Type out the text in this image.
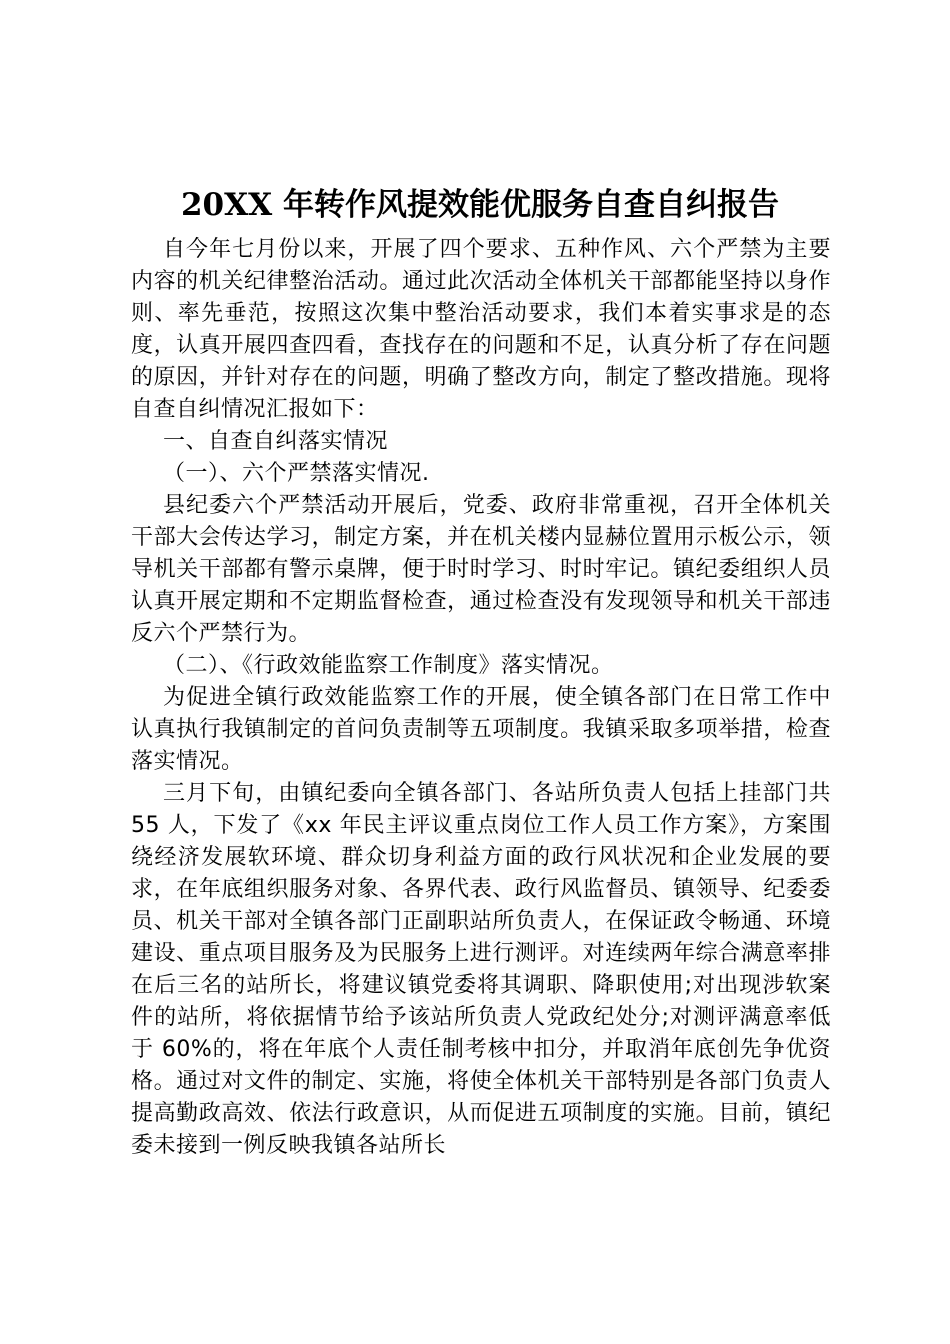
20XX 年转作风提效能优服务自查自纠报告

自今年七月份以来，开展了四个要求、五种作风、六个严禁为主要内容的机关纪律整治活动。通过此次活动全体机关干部都能坚持以身作则、率先垂范，按照这次集中整治活动要求，我们本着实事求是的态度，认真开展四查四看，查找存在的问题和不足，认真分析了存在问题的原因，并针对存在的问题，明确了整改方向，制定了整改措施。现将自查自纠情况汇报如下：

一、自查自纠落实情况

（一）、六个严禁落实情况.

县纪委六个严禁活动开展后，党委、政府非常重视，召开全体机关干部大会传达学习，制定方案，并在机关楼内显赫位置用示板公示，领导机关干部都有警示桌牌，便于时时学习、时时牢记。镇纪委组织人员认真开展定期和不定期监督检查，通过检查没有发现领导和机关干部违反六个严禁行为。

（二）、《行政效能监察工作制度》落实情况。

为促进全镇行政效能监察工作的开展，使全镇各部门在日常工作中认真执行我镇制定的首问负责制等五项制度。我镇采取多项举措，检查落实情况。

三月下旬，由镇纪委向全镇各部门、各站所负责人包括上挂部门共 55 人，下发了《xx 年民主评议重点岗位工作人员工作方案》，方案围绕经济发展软环境、群众切身利益方面的政行风状况和企业发展的要求，在年底组织服务对象、各界代表、政行风监督员、镇领导、纪委委员、机关干部对全镇各部门正副职站所负责人，在保证政令畅通、环境建设、重点项目服务及为民服务上进行测评。对连续两年综合满意率排在后三名的站所长，将建议镇党委将其调职、降职使用;对出现涉软案件的站所，将依据情节给予该站所负责人党政纪处分;对测评满意率低于 60%的，将在年底个人责任制考核中扣分，并取消年底创先争优资格。通过对文件的制定、实施，将使全体机关干部特别是各部门负责人提高勤政高效、依法行政意识，从而促进五项制度的实施。目前，镇纪委未接到一例反映我镇各站所长
